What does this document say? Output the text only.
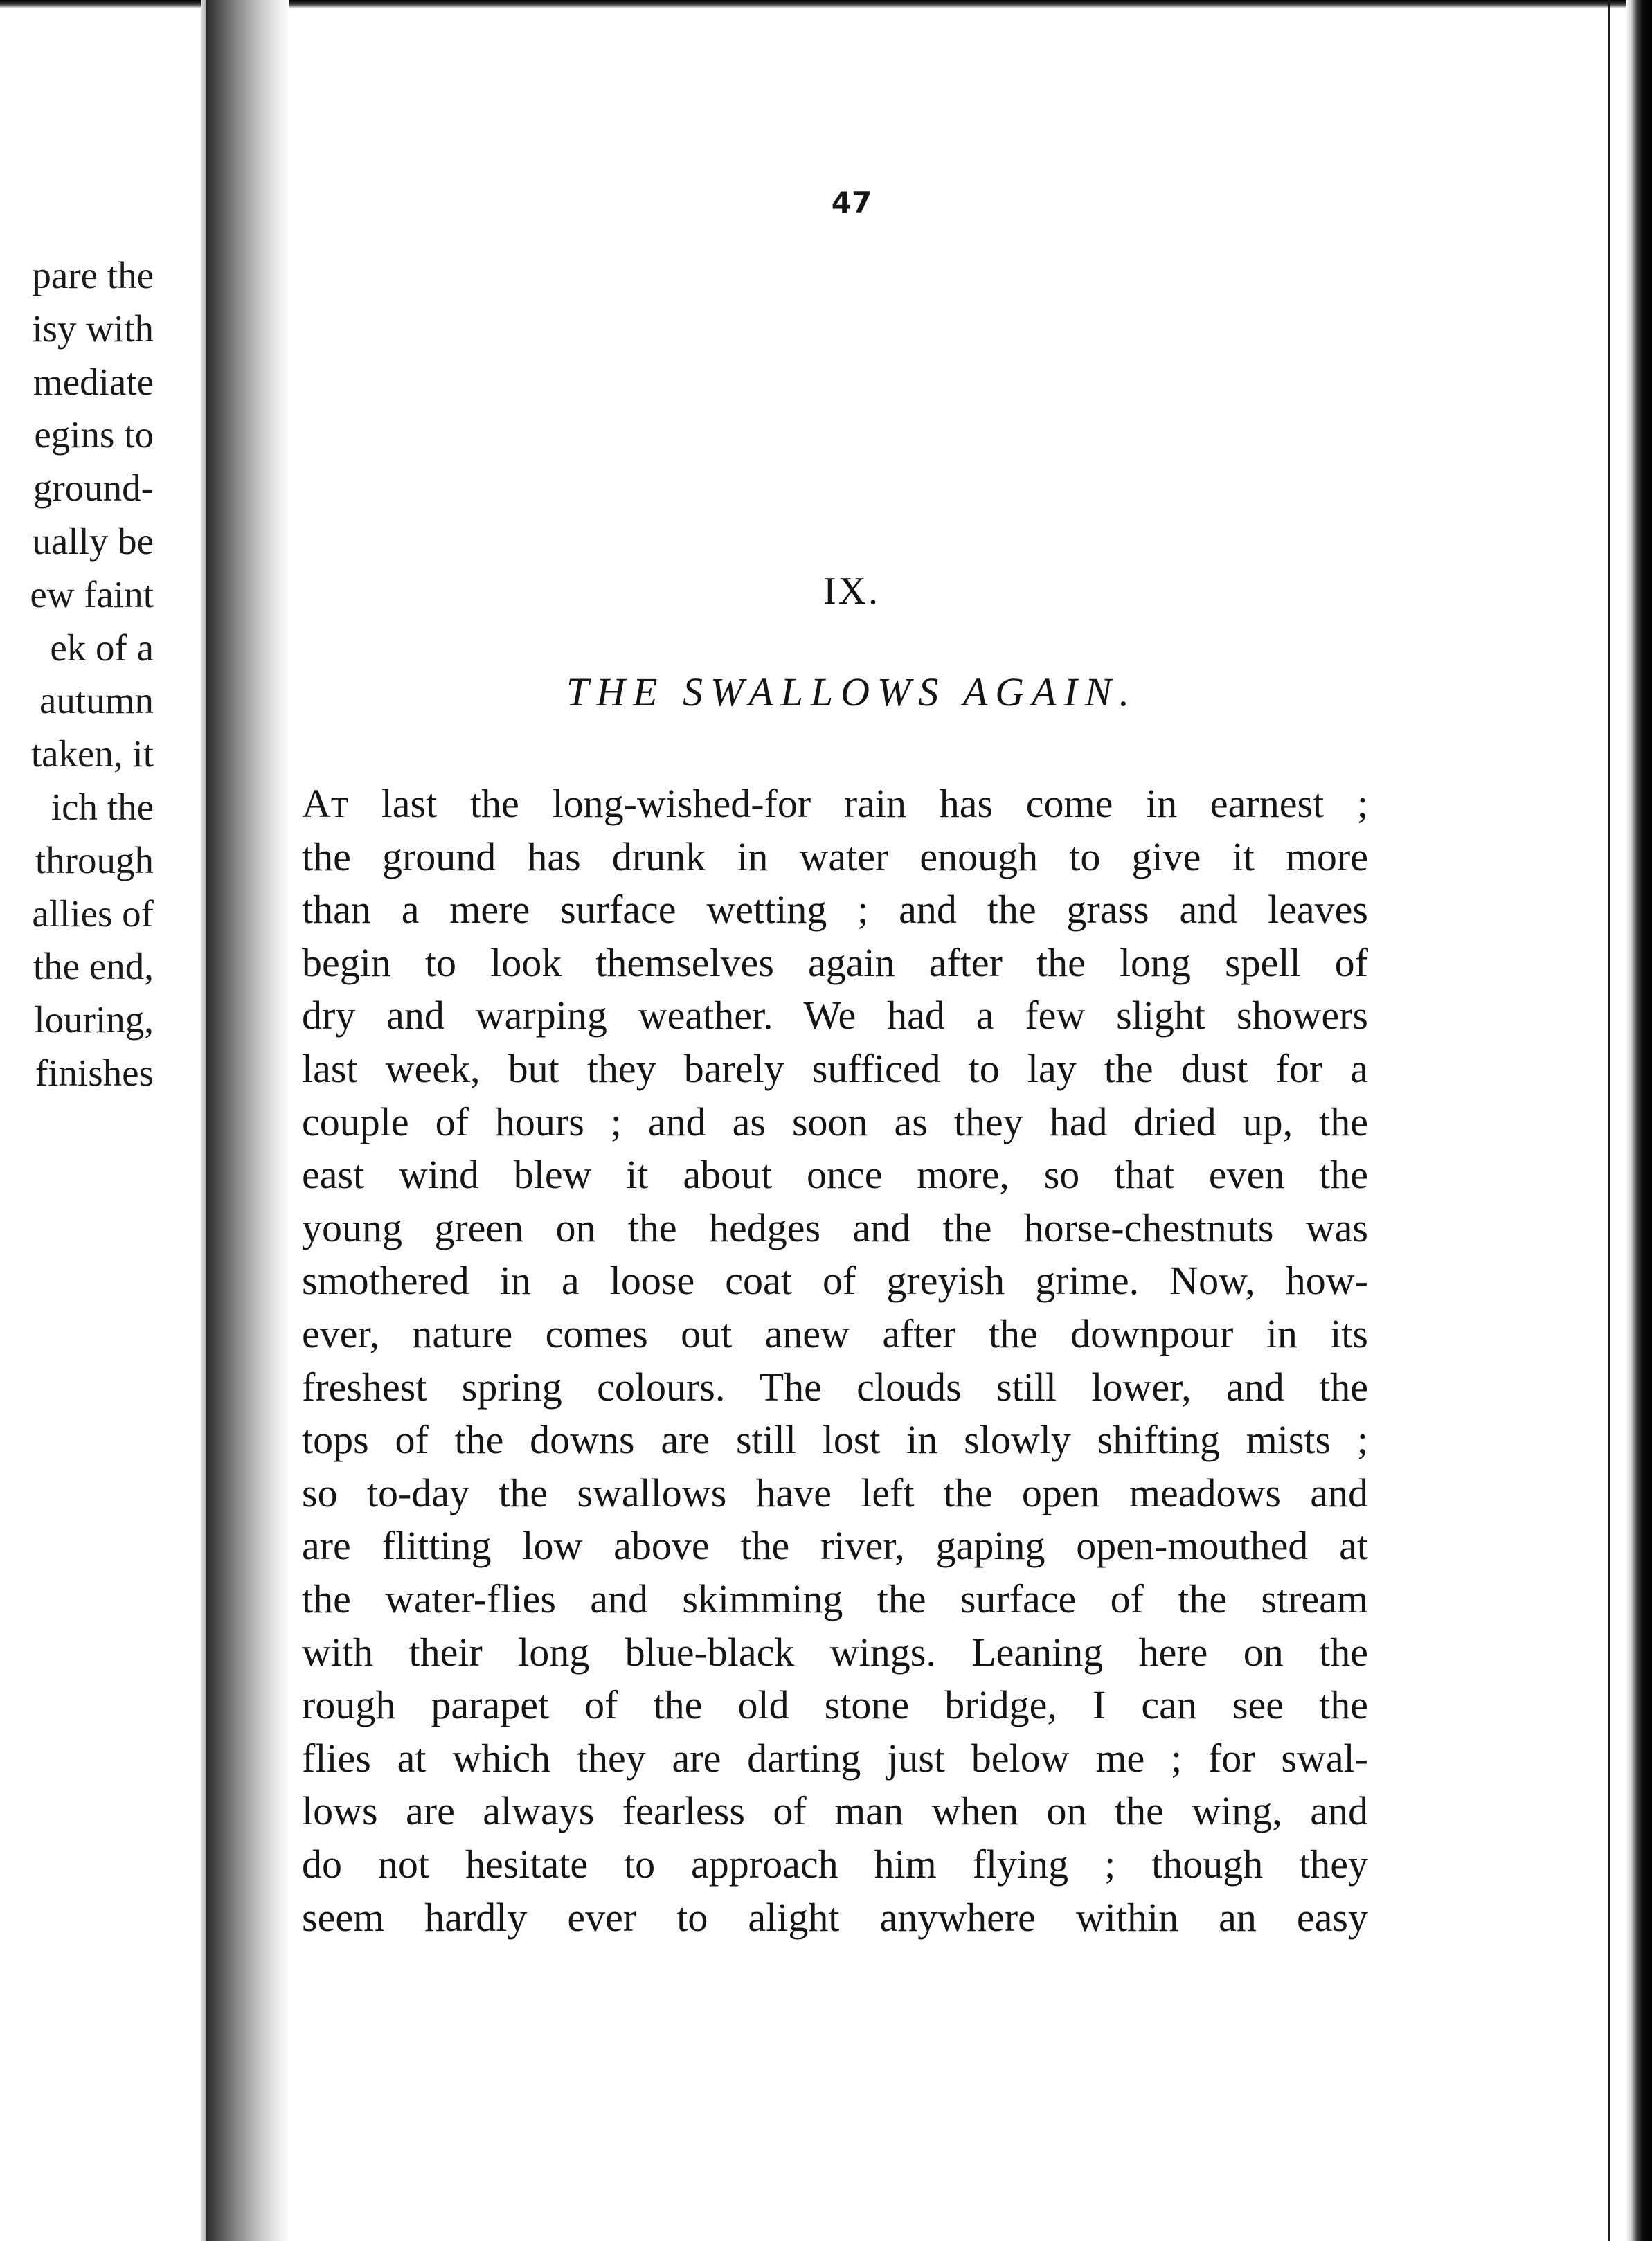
pare the
isy with
mediate
egins to
ground-
ually be
ew faint
ek of a
autumn
taken, it
ich the
through
allies of
the end,
louring,
finishes
47
IX.
THE SWALLOWS AGAIN.
At last the long-wished-for rain has come in earnest ;
the ground has drunk in water enough to give it more
than a mere surface wetting ; and the grass and leaves
begin to look themselves again after the long spell of
dry and warping weather. We had a few slight showers
last week, but they barely sufficed to lay the dust for a
couple of hours ; and as soon as they had dried up, the
east wind blew it about once more, so that even the
young green on the hedges and the horse-chestnuts was
smothered in a loose coat of greyish grime. Now, how-
ever, nature comes out anew after the downpour in its
freshest spring colours. The clouds still lower, and the
tops of the downs are still lost in slowly shifting mists ;
so to-day the swallows have left the open meadows and
are flitting low above the river, gaping open-mouthed at
the water-flies and skimming the surface of the stream
with their long blue-black wings. Leaning here on the
rough parapet of the old stone bridge, I can see the
flies at which they are darting just below me ; for swal-
lows are always fearless of man when on the wing, and
do not hesitate to approach him flying ; though they
seem hardly ever to alight anywhere within an easy
